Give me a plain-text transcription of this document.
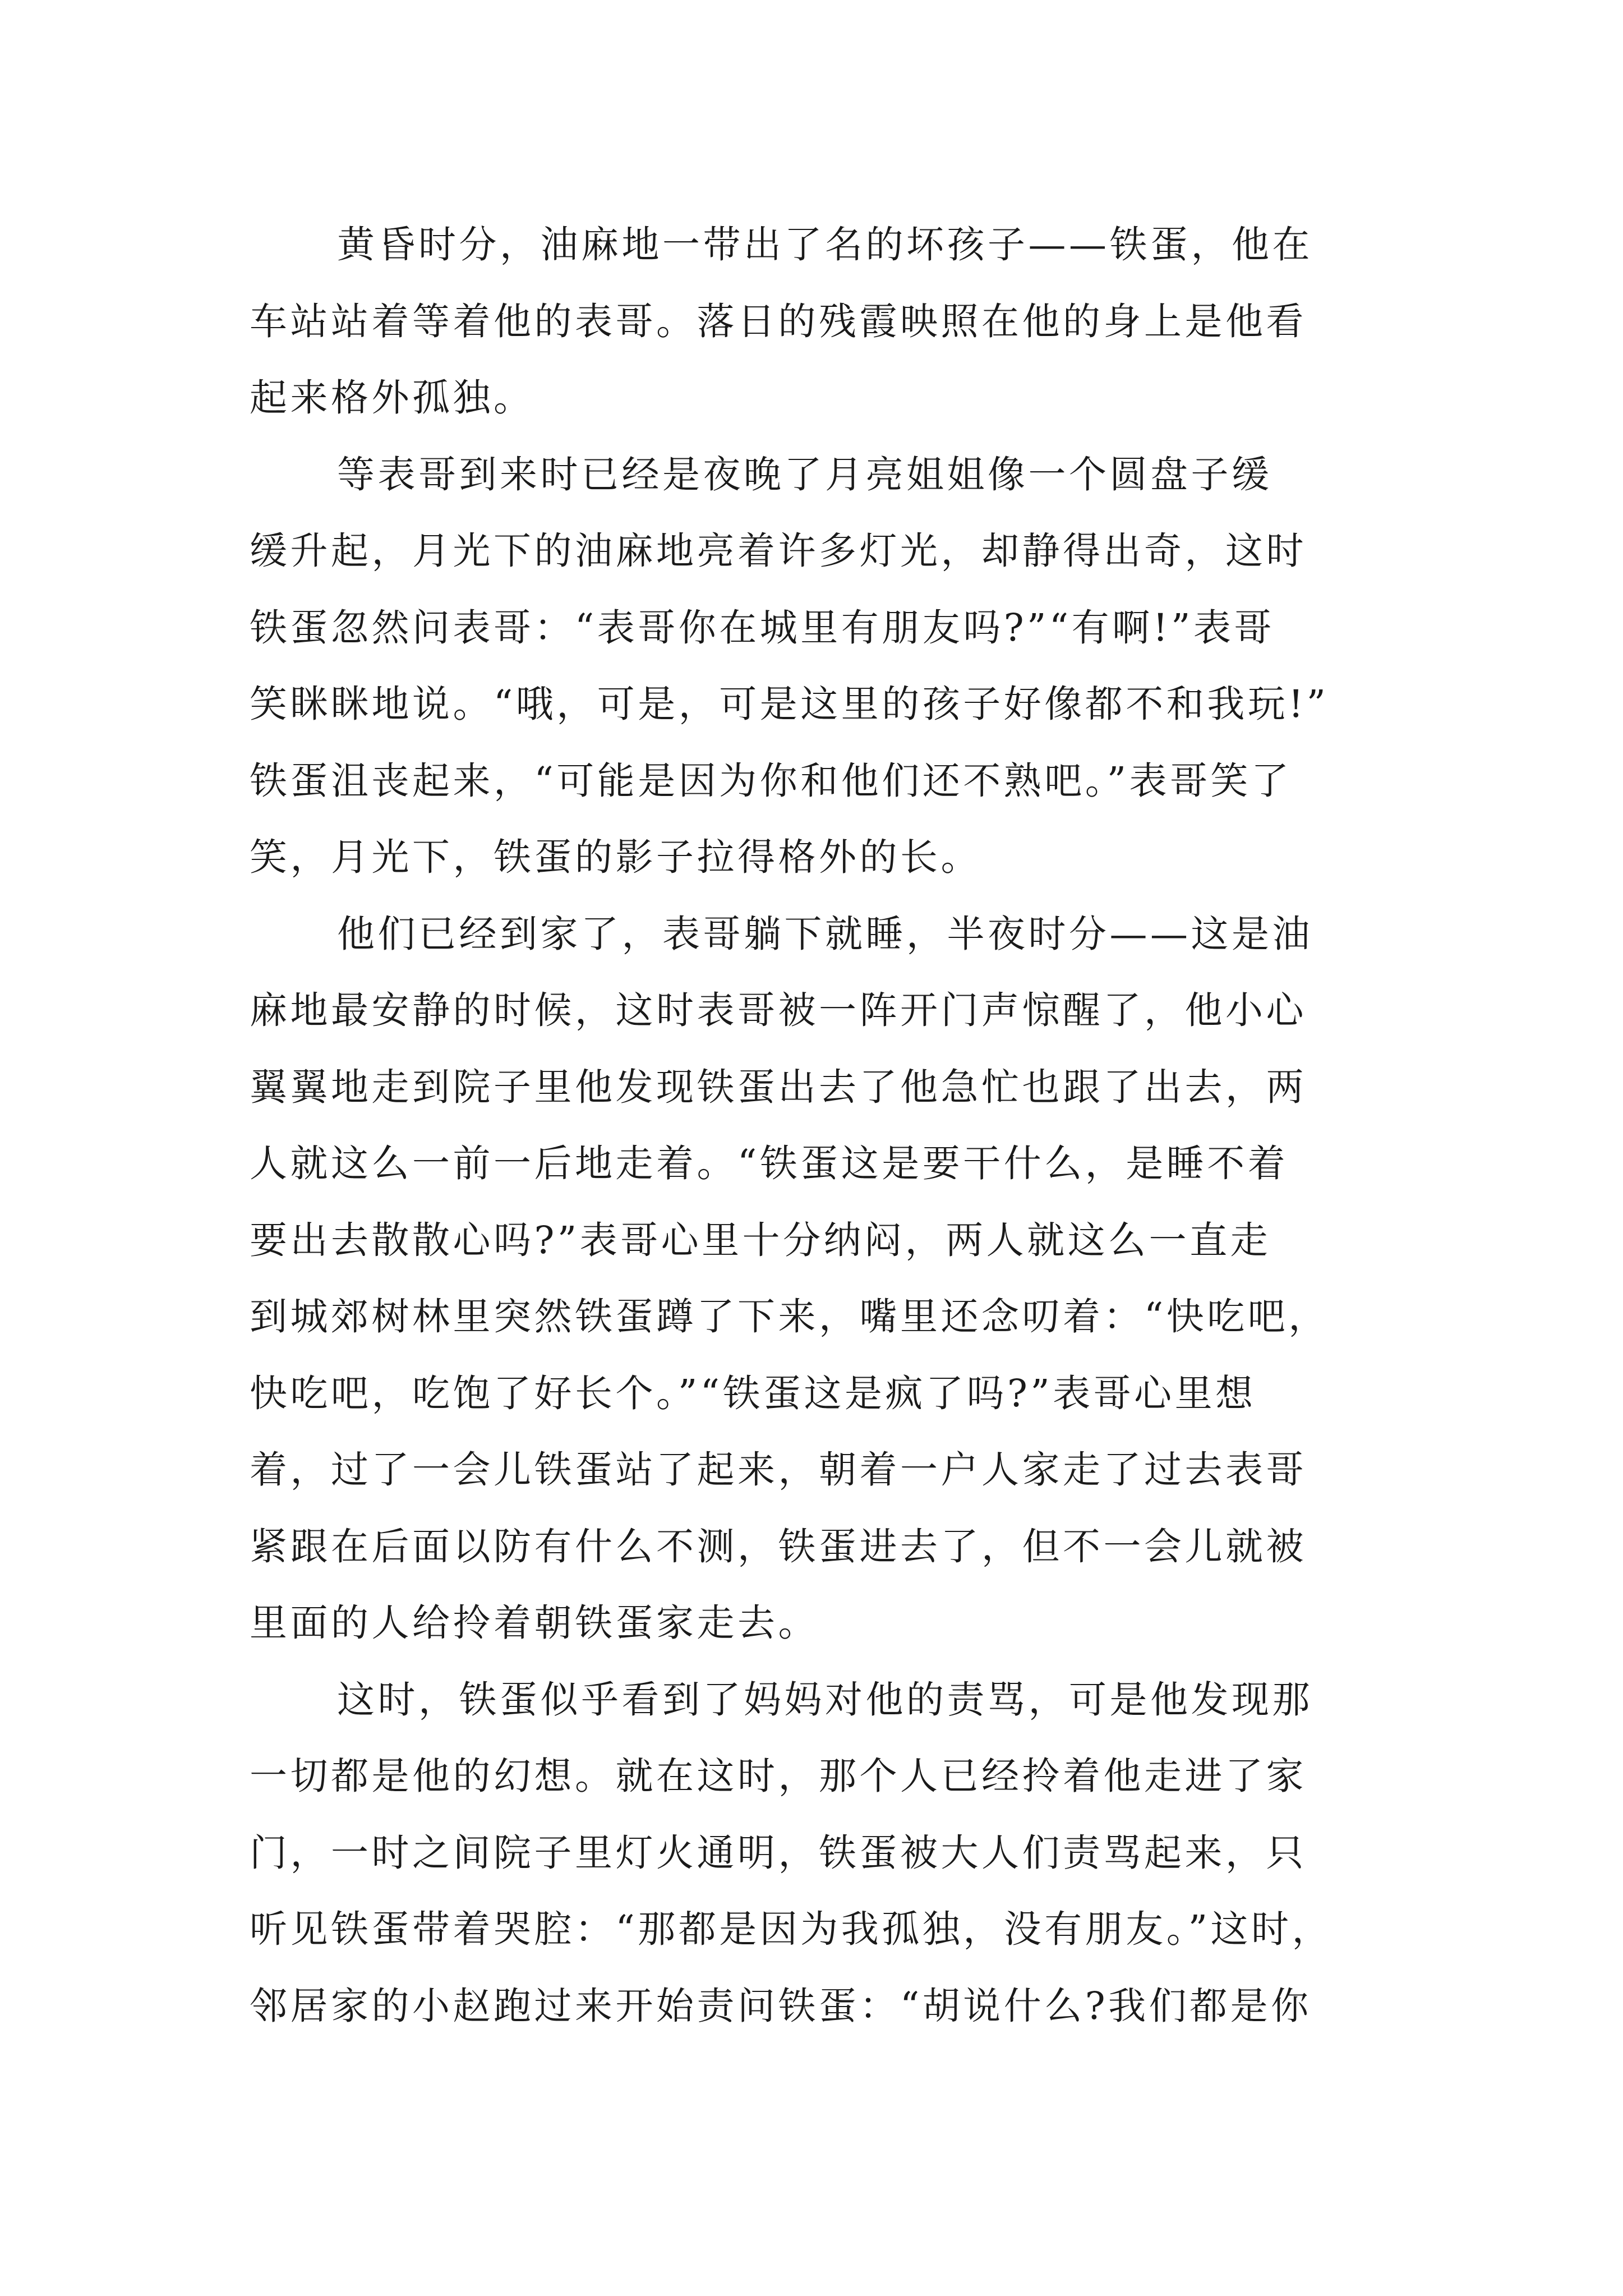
黄昏时分，油麻地一带出了名的坏孩子——铁蛋，他在
车站站着等着他的表哥。落日的残霞映照在他的身上是他看
起来格外孤独。
等表哥到来时已经是夜晚了月亮姐姐像一个圆盘子缓
缓升起，月光下的油麻地亮着许多灯光，却静得出奇，这时
铁蛋忽然问表哥：“表哥你在城里有朋友吗?”“有啊!”表哥
笑眯眯地说。“哦，可是，可是这里的孩子好像都不和我玩!”
铁蛋沮丧起来，“可能是因为你和他们还不熟吧。”表哥笑了
笑，月光下，铁蛋的影子拉得格外的长。
他们已经到家了，表哥躺下就睡，半夜时分——这是油
麻地最安静的时候，这时表哥被一阵开门声惊醒了，他小心
翼翼地走到院子里他发现铁蛋出去了他急忙也跟了出去，两
人就这么一前一后地走着。“铁蛋这是要干什么，是睡不着
要出去散散心吗?”表哥心里十分纳闷，两人就这么一直走
到城郊树林里突然铁蛋蹲了下来，嘴里还念叨着：“快吃吧，
快吃吧，吃饱了好长个。”“铁蛋这是疯了吗?”表哥心里想
着，过了一会儿铁蛋站了起来，朝着一户人家走了过去表哥
紧跟在后面以防有什么不测，铁蛋进去了，但不一会儿就被
里面的人给拎着朝铁蛋家走去。
这时，铁蛋似乎看到了妈妈对他的责骂，可是他发现那
一切都是他的幻想。就在这时，那个人已经拎着他走进了家
门，一时之间院子里灯火通明，铁蛋被大人们责骂起来，只
听见铁蛋带着哭腔：“那都是因为我孤独，没有朋友。”这时，
邻居家的小赵跑过来开始责问铁蛋：“胡说什么?我们都是你
